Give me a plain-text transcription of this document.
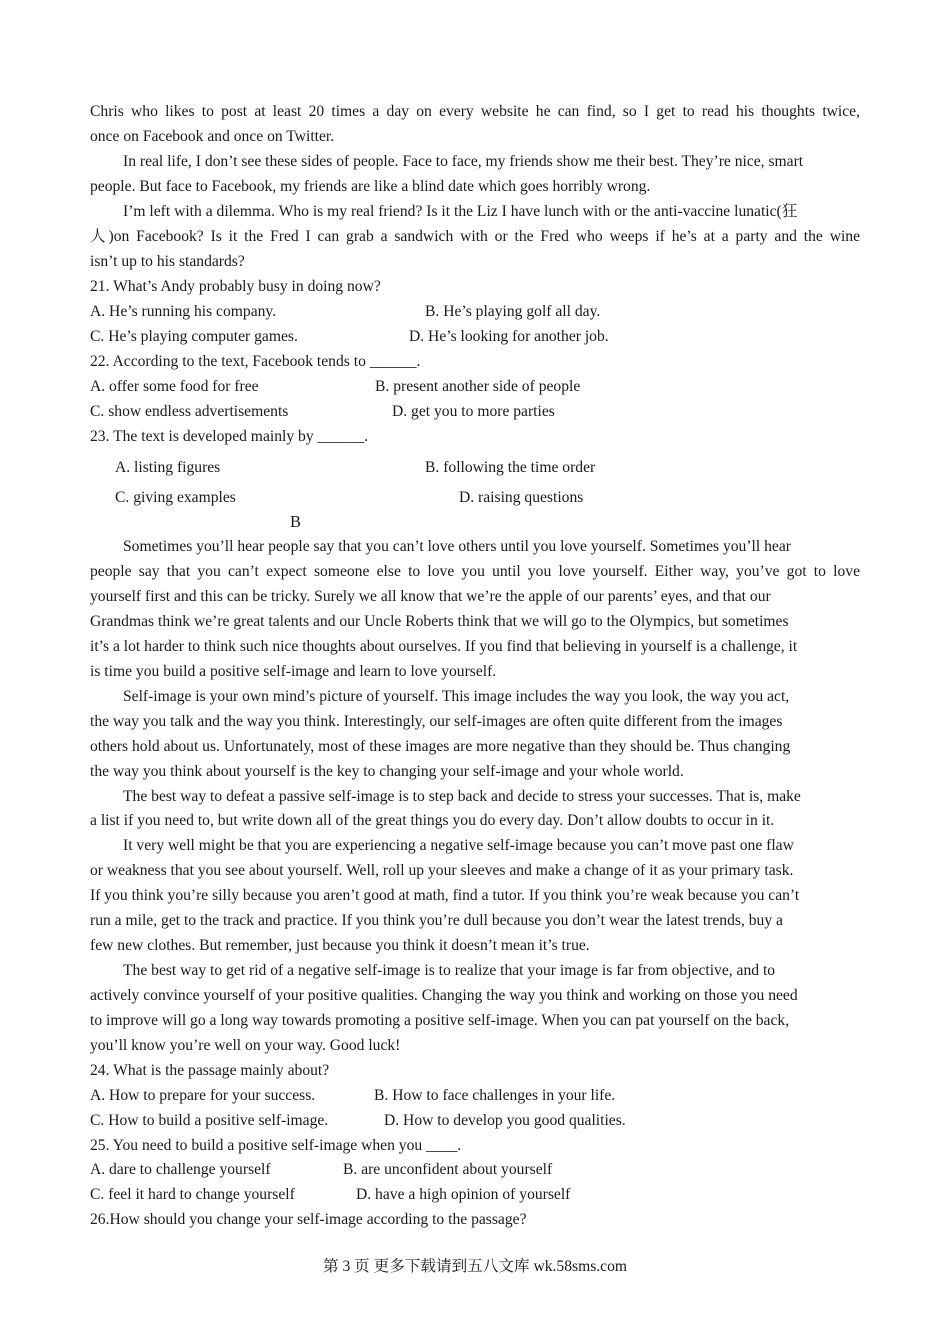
Chris who likes to post at least 20 times a day on every website he can find, so I get to read his thoughts twice,
once on Facebook and once on Twitter.
In real life, I don’t see these sides of people. Face to face, my friends show me their best. They’re nice, smart
people. But face to Facebook, my friends are like a blind date which goes horribly wrong.
I’m left with a dilemma. Who is my real friend? Is it the Liz I have lunch with or the anti-vaccine lunatic(狂
人)on Facebook? Is it the Fred I can grab a sandwich with or the Fred who weeps if he’s at a party and the wine
isn’t up to his standards?
21. What’s Andy probably busy in doing now?
A. He’s running his company.	B. He’s playing golf all day.
C. He’s playing computer games.	D. He’s looking for another job.
22. According to the text, Facebook tends to ______.
A. offer some food for free	B. present another side of people
C. show endless advertisements	D. get you to more parties
23. The text is developed mainly by ______.
A. listing figures	B. following the time order
C. giving examples	D. raising questions
B
Sometimes you’ll hear people say that you can’t love others until you love yourself. Sometimes you’ll hear
people say that you can’t expect someone else to love you until you love yourself. Either way, you’ve got to love
yourself first and this can be tricky. Surely we all know that we’re the apple of our parents’ eyes, and that our
Grandmas think we’re great talents and our Uncle Roberts think that we will go to the Olympics, but sometimes
it’s a lot harder to think such nice thoughts about ourselves. If you find that believing in yourself is a challenge, it
is time you build a positive self-image and learn to love yourself.
Self-image is your own mind’s picture of yourself. This image includes the way you look, the way you act,
the way you talk and the way you think. Interestingly, our self-images are often quite different from the images
others hold about us. Unfortunately, most of these images are more negative than they should be. Thus changing
the way you think about yourself is the key to changing your self-image and your whole world.
The best way to defeat a passive self-image is to step back and decide to stress your successes. That is, make
a list if you need to, but write down all of the great things you do every day. Don’t allow doubts to occur in it.
It very well might be that you are experiencing a negative self-image because you can’t move past one flaw
or weakness that you see about yourself. Well, roll up your sleeves and make a change of it as your primary task.
If you think you’re silly because you aren’t good at math, find a tutor. If you think you’re weak because you can’t
run a mile, get to the track and practice. If you think you’re dull because you don’t wear the latest trends, buy a
few new clothes. But remember, just because you think it doesn’t mean it’s true.
The best way to get rid of a negative self-image is to realize that your image is far from objective, and to
actively convince yourself of your positive qualities. Changing the way you think and working on those you need
to improve will go a long way towards promoting a positive self-image. When you can pat yourself on the back,
you’ll know you’re well on your way. Good luck!
24. What is the passage mainly about?
A. How to prepare for your success.	B. How to face challenges in your life.
C. How to build a positive self-image.	D. How to develop you good qualities.
25. You need to build a positive self-image when you ____.
A. dare to challenge yourself	B. are unconfident about yourself
C. feel it hard to change yourself	D. have a high opinion of yourself
26.How should you change your self-image according to the passage?
第 3 页 更多下载请到五八文库 wk.58sms.com
